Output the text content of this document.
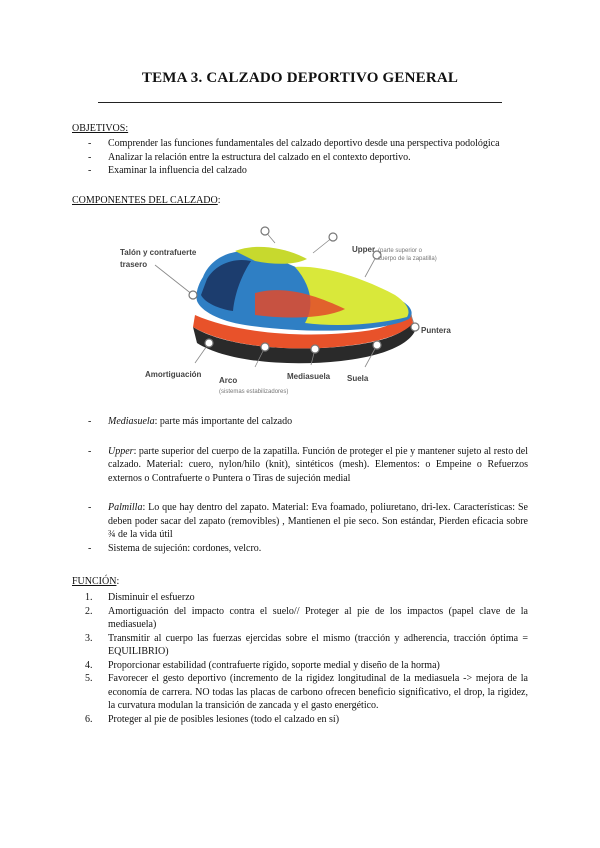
TEMA 3. CALZADO DEPORTIVO GENERAL
OBJETIVOS:
- Comprender las funciones fundamentales del calzado deportivo desde una perspectiva podológica
- Analizar la relación entre la estructura del calzado en el contexto deportivo.
- Examinar la influencia del calzado
COMPONENTES DEL CALZADO:
Talón y contrafuerte
trasero
Upper (parte superior o
cuerpo de la zapatilla)
Puntera
Amortiguación
Arco
(sistemas estabilizadores)
Mediasuela Suela
- Mediasuela: parte más importante del calzado
- Upper: parte superior del cuerpo de la zapatilla. Función de proteger el pie y mantener sujeto al resto del calzado. Material: cuero, nylon/hilo (knit), sintéticos (mesh). Elementos: o Empeine o Refuerzos externos o Contrafuerte o Puntera o Tiras de sujeción medial
- Palmilla: Lo que hay dentro del zapato. Material: Eva foamado, poliuretano, dri-lex. Características: Se deben poder sacar del zapato (removibles) , Mantienen el pie seco. Son estándar, Pierden eficacia sobre ¾ de la vida útil
- Sistema de sujeción: cordones, velcro.
FUNCIÓN:
1. Disminuir el esfuerzo
2. Amortiguación del impacto contra el suelo// Proteger al pie de los impactos (papel clave de la mediasuela)
3. Transmitir al cuerpo las fuerzas ejercidas sobre el mismo (tracción y adherencia, tracción óptima = EQUILIBRIO)
4. Proporcionar estabilidad (contrafuerte rígido, soporte medial y diseño de la horma)
5. Favorecer el gesto deportivo (incremento de la rigidez longitudinal de la mediasuela -> mejora de la economía de carrera. NO todas las placas de carbono ofrecen beneficio significativo, el drop, la rigidez, la curvatura modulan la transición de zancada y el gasto energético.
6. Proteger al pie de posibles lesiones (todo el calzado en sí)
